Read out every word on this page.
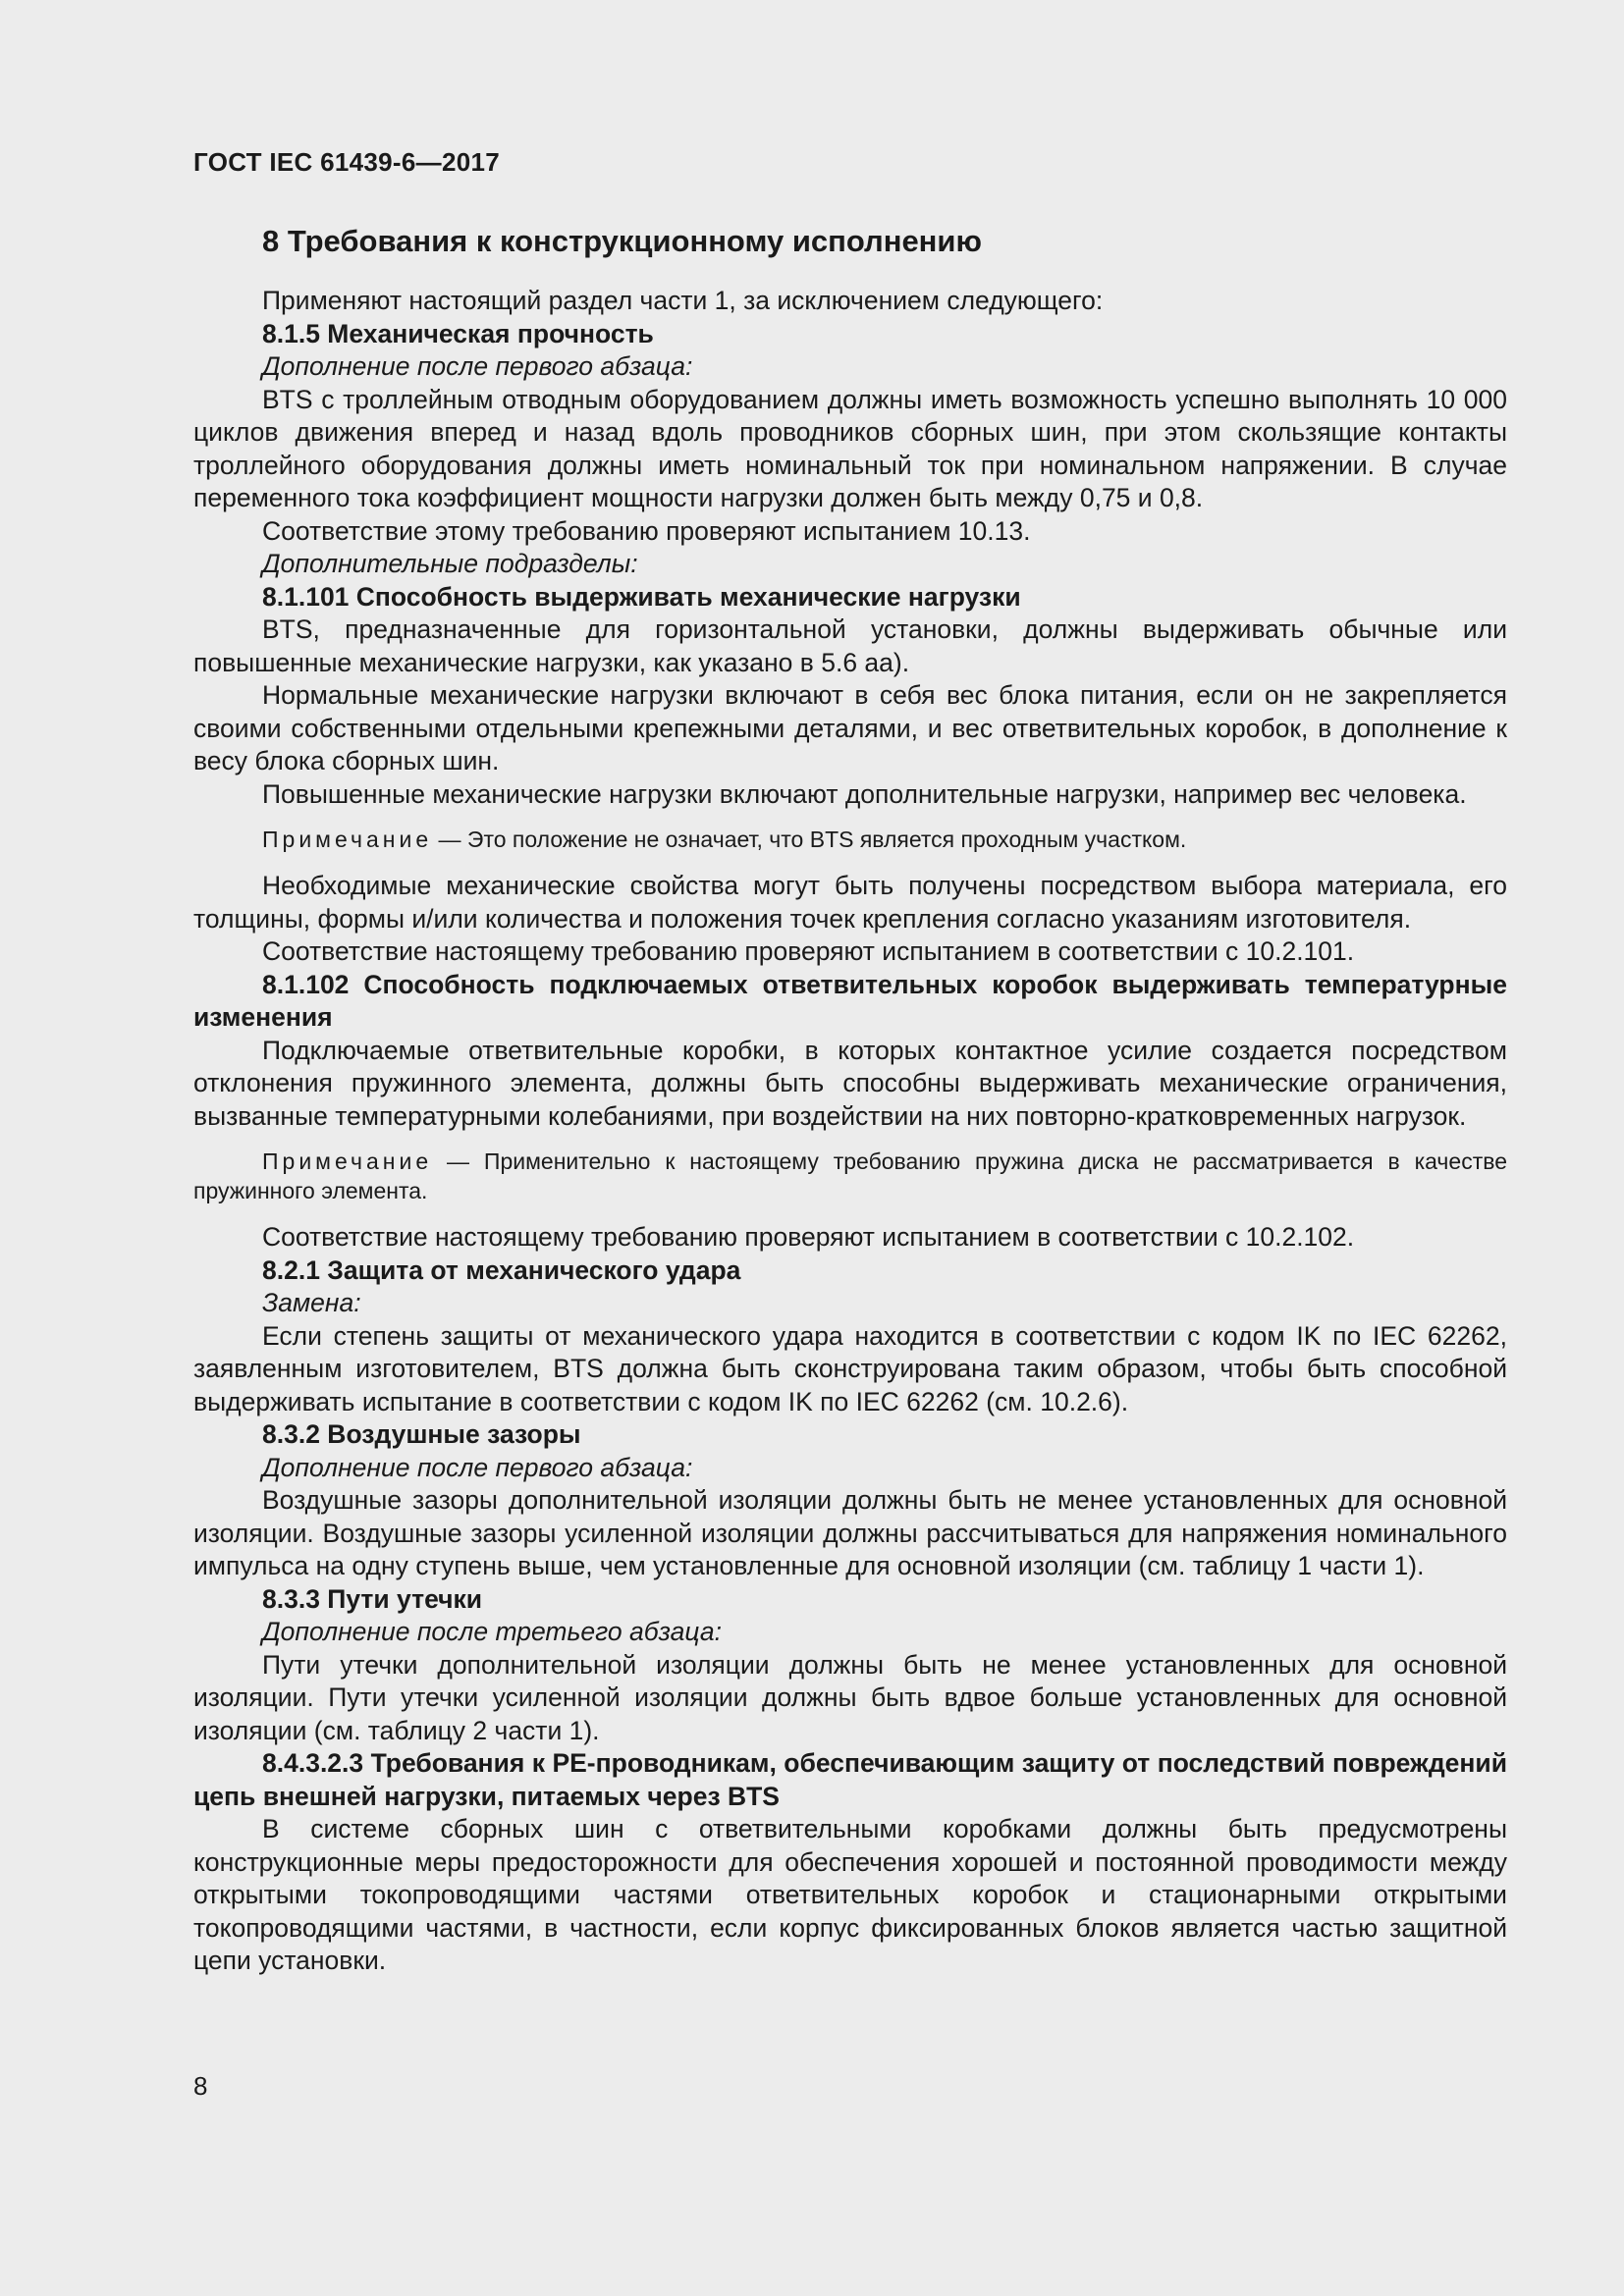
ГОСТ IEC 61439-6—2017
8 Требования к конструкционному исполнению

Применяют настоящий раздел части 1, за исключением следующего:

8.1.5 Механическая прочность

Дополнение после первого абзаца:

BTS с троллейным отводным оборудованием должны иметь возможность успешно выполнять 10 000 циклов движения вперед и назад вдоль проводников сборных шин, при этом скользящие контакты троллейного оборудования должны иметь номинальный ток при номинальном напряжении. В случае переменного тока коэффициент мощности нагрузки должен быть между 0,75 и 0,8.

Соответствие этому требованию проверяют испытанием 10.13.

Дополнительные подразделы:

8.1.101 Способность выдерживать механические нагрузки

BTS, предназначенные для горизонтальной установки, должны выдерживать обычные или повышенные механические нагрузки, как указано в 5.6 аа).

Нормальные механические нагрузки включают в себя вес блока питания, если он не закрепляется своими собственными отдельными крепежными деталями, и вес ответвительных коробок, в дополнение к весу блока сборных шин.

Повышенные механические нагрузки включают дополнительные нагрузки, например вес человека.

Примечание — Это положение не означает, что BTS является проходным участком.

Необходимые механические свойства могут быть получены посредством выбора материала, его толщины, формы и/или количества и положения точек крепления согласно указаниям изготовителя.

Соответствие настоящему требованию проверяют испытанием в соответствии с 10.2.101.

8.1.102 Способность подключаемых ответвительных коробок выдерживать температурные изменения

Подключаемые ответвительные коробки, в которых контактное усилие создается посредством отклонения пружинного элемента, должны быть способны выдерживать механические ограничения, вызванные температурными колебаниями, при воздействии на них повторно-кратковременных нагрузок.

Примечание — Применительно к настоящему требованию пружина диска не рассматривается в качестве пружинного элемента.

Соответствие настоящему требованию проверяют испытанием в соответствии с 10.2.102.

8.2.1 Защита от механического удара

Замена:

Если степень защиты от механического удара находится в соответствии с кодом IK по IEC 62262, заявленным изготовителем, BTS должна быть сконструирована таким образом, чтобы быть способной выдерживать испытание в соответствии с кодом IK по IEC 62262 (см. 10.2.6).

8.3.2 Воздушные зазоры

Дополнение после первого абзаца:

Воздушные зазоры дополнительной изоляции должны быть не менее установленных для основной изоляции. Воздушные зазоры усиленной изоляции должны рассчитываться для напряжения номинального импульса на одну ступень выше, чем установленные для основной изоляции (см. таблицу 1 части 1).

8.3.3 Пути утечки

Дополнение после третьего абзаца:

Пути утечки дополнительной изоляции должны быть не менее установленных для основной изоляции. Пути утечки усиленной изоляции должны быть вдвое больше установленных для основной изоляции (см. таблицу 2 части 1).

8.4.3.2.3 Требования к PE-проводникам, обеспечивающим защиту от последствий повреждений цепь внешней нагрузки, питаемых через BTS

В системе сборных шин с ответвительными коробками должны быть предусмотрены конструкционные меры предосторожности для обеспечения хорошей и постоянной проводимости между открытыми токопроводящими частями ответвительных коробок и стационарными открытыми токопроводящими частями, в частности, если корпус фиксированных блоков является частью защитной цепи установки.

8
